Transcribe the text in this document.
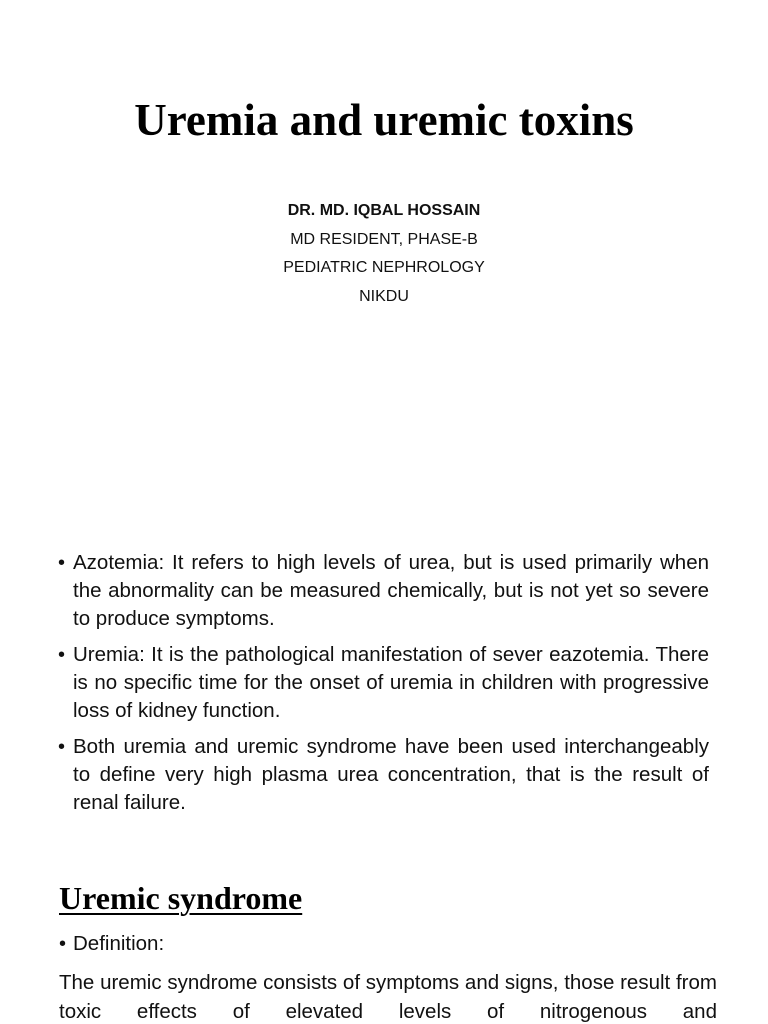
Uremia and uremic toxins
DR. MD. IQBAL HOSSAIN
MD RESIDENT, PHASE-B
PEDIATRIC NEPHROLOGY
NIKDU
• Azotemia: It refers to high levels of urea, but is used primarily when the abnormality can be measured chemically, but is not yet so severe to produce symptoms.
• Uremia: It is the pathological manifestation of sever eazotemia. There is no specific time for the onset of uremia in children with progressive loss of kidney function.
• Both uremia and uremic syndrome have been used interchangeably to define very high plasma urea concentration, that is the result of renal failure.
Uremic syndrome
• Definition:

The uremic syndrome consists of symptoms and signs, those result from toxic effects of elevated levels of nitrogenous and
